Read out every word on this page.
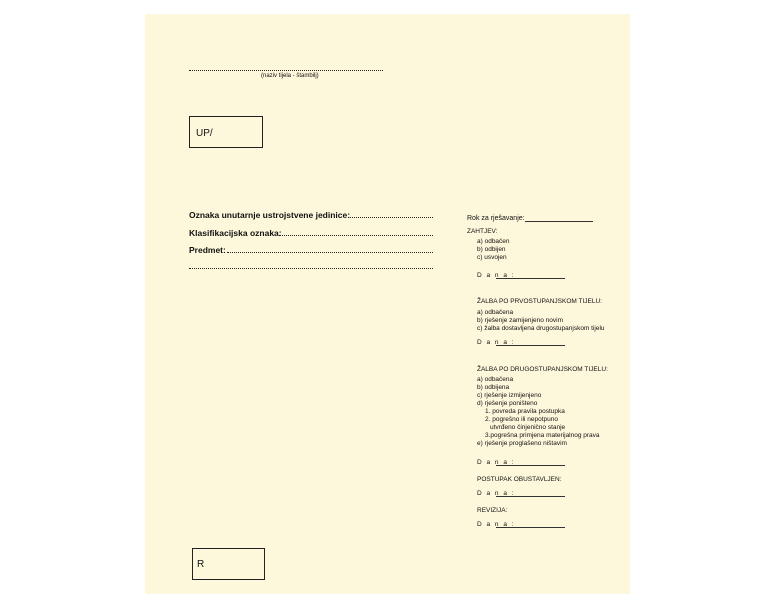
(naziv tijela - štambilj)
UP/
Oznaka unutarnje ustrojstvene jedinice:
Klasifikacijska oznaka:
Predmet:
Rok za rješavanje:
ZAHTJEV:
a) odbačen
b) odbijen
c) usvojen
D a n a :
ŽALBA PO PRVOSTUPANJSKOM TIJELU:
a) odbačena
b) rješenje zamijenjeno novim
c) žalba dostavljena drugostupanjskom tijelu
D a n a :
ŽALBA PO DRUGOSTUPANJSKOM TIJELU:
a) odbačena
b) odbijena
c) rješenje izmijenjeno
d) rješenje poništeno
1. povreda pravila postupka
2. pogrešno ili nepotpuno
utvrđeno činjenično stanje
3.pogrešna primjena materijalnog prava
e) rješenje proglašeno ništavim
D a n a :
POSTUPAK OBUSTAVLJEN:
D a n a :
REVIZIJA:
D a n a :
R
